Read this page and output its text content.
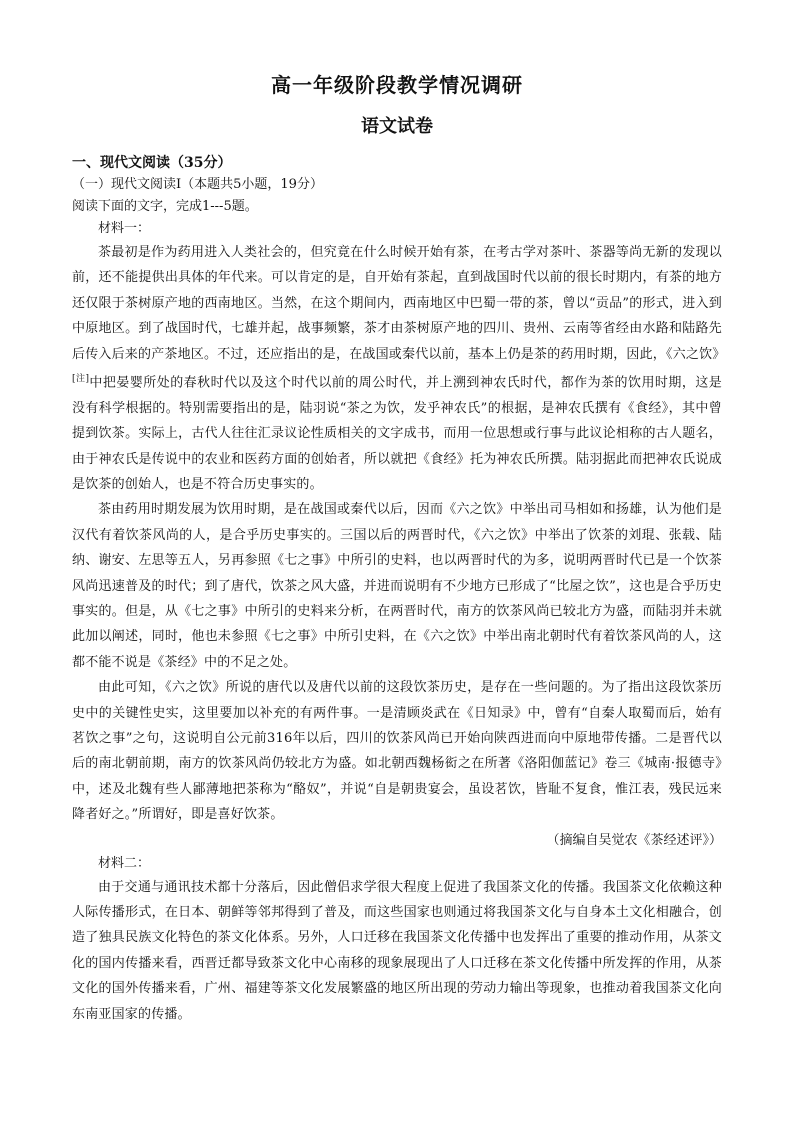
高一年级阶段教学情况调研
语文试卷

一、现代文阅读（35分）

（一）现代文阅读Ⅰ（本题共5小题，19分）

阅读下面的文字，完成1---5题。

材料一：

茶最初是作为药用进入人类社会的，但究竟在什么时候开始有茶，在考古学对茶叶、茶器等尚无新的发现以前，还不能提供出具体的年代来。可以肯定的是，自开始有茶起，直到战国时代以前的很长时期内，有茶的地方还仅限于茶树原产地的西南地区。当然，在这个期间内，西南地区中巴蜀一带的茶，曾以“贡品”的形式，进入到中原地区。到了战国时代，七雄并起，战事频繁，茶才由茶树原产地的四川、贵州、云南等省经由水路和陆路先后传入后来的产茶地区。不过，还应指出的是，在战国或秦代以前，基本上仍是茶的药用时期，因此，《六之饮》[注]中把晏婴所处的春秋时代以及这个时代以前的周公时代，并上溯到神农氏时代，都作为茶的饮用时期，这是没有科学根据的。特别需要指出的是，陆羽说“茶之为饮，发乎神农氏”的根据，是神农氏撰有《食经》，其中曾提到饮茶。实际上，古代人往往汇录议论性质相关的文字成书，而用一位思想或行事与此议论相称的古人题名，由于神农氏是传说中的农业和医药方面的创始者，所以就把《食经》托为神农氏所撰。陆羽据此而把神农氏说成是饮茶的创始人，也是不符合历史事实的。

茶由药用时期发展为饮用时期，是在战国或秦代以后，因而《六之饮》中举出司马相如和扬雄，认为他们是汉代有着饮茶风尚的人，是合乎历史事实的。三国以后的两晋时代，《六之饮》中举出了饮茶的刘琨、张载、陆纳、谢安、左思等五人，另再参照《七之事》中所引的史料，也以两晋时代的为多，说明两晋时代已是一个饮茶风尚迅速普及的时代；到了唐代，饮茶之风大盛，并进而说明有不少地方已形成了“比屋之饮”，这也是合乎历史事实的。但是，从《七之事》中所引的史料来分析，在两晋时代，南方的饮茶风尚已较北方为盛，而陆羽并未就此加以阐述，同时，他也未参照《七之事》中所引史料，在《六之饮》中举出南北朝时代有着饮茶风尚的人，这都不能不说是《茶经》中的不足之处。

由此可知，《六之饮》所说的唐代以及唐代以前的这段饮茶历史，是存在一些问题的。为了指出这段饮茶历史中的关键性史实，这里要加以补充的有两件事。一是清顾炎武在《日知录》中，曾有“自秦人取蜀而后，始有茗饮之事”之句，这说明自公元前316年以后，四川的饮茶风尚已开始向陕西进而向中原地带传播。二是晋代以后的南北朝前期，南方的饮茶风尚仍较北方为盛。如北朝西魏杨衒之在所著《洛阳伽蓝记》卷三《城南·报德寺》中，述及北魏有些人鄙薄地把茶称为“酪奴”，并说“自是朝贵宴会，虽设茗饮，皆耻不复食，惟江表，残民远来降者好之。”所谓好，即是喜好饮茶。

（摘编自吴觉农《茶经述评》）

材料二：

由于交通与通讯技术都十分落后，因此僧侣求学很大程度上促进了我国茶文化的传播。我国茶文化依赖这种人际传播形式，在日本、朝鲜等邻邦得到了普及，而这些国家也则通过将我国茶文化与自身本土文化相融合，创造了独具民族文化特色的茶文化体系。另外，人口迁移在我国茶文化传播中也发挥出了重要的推动作用，从茶文化的国内传播来看，西晋迁都导致茶文化中心南移的现象展现出了人口迁移在茶文化传播中所发挥的作用，从茶文化的国外传播来看，广州、福建等茶文化发展繁盛的地区所出现的劳动力输出等现象，也推动着我国茶文化向东南亚国家的传播。
